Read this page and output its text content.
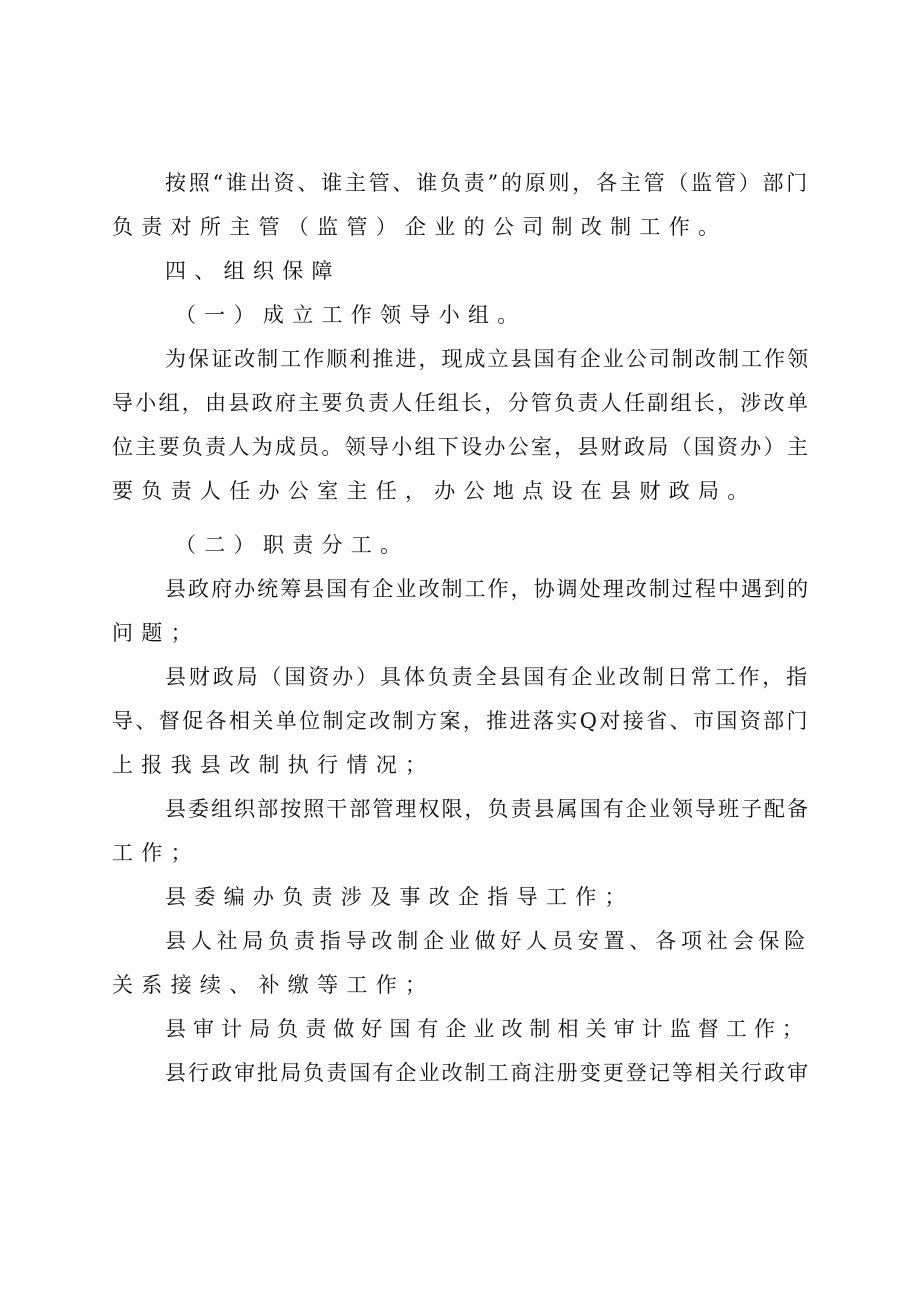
按照“谁出资、谁主管、谁负责”的原则，各主管（监管）部门
负责对所主管（监管）企业的公司制改制工作。
四、组织保障
（一）成立工作领导小组。
为保证改制工作顺利推进，现成立县国有企业公司制改制工作领
导小组，由县政府主要负责人任组长，分管负责人任副组长，涉改单
位主要负责人为成员。领导小组下设办公室，县财政局（国资办）主
要负责人任办公室主任，办公地点设在县财政局。
（二）职责分工。
县政府办统筹县国有企业改制工作，协调处理改制过程中遇到的
问题；
县财政局（国资办）具体负责全县国有企业改制日常工作，指
导、督促各相关单位制定改制方案，推进落实Q对接省、市国资部门
上报我县改制执行情况；
县委组织部按照干部管理权限，负责县属国有企业领导班子配备
工作；
县委编办负责涉及事改企指导工作；
县人社局负责指导改制企业做好人员安置、各项社会保险
关系接续、补缴等工作；
县审计局负责做好国有企业改制相关审计监督工作；
县行政审批局负责国有企业改制工商注册变更登记等相关行政审
